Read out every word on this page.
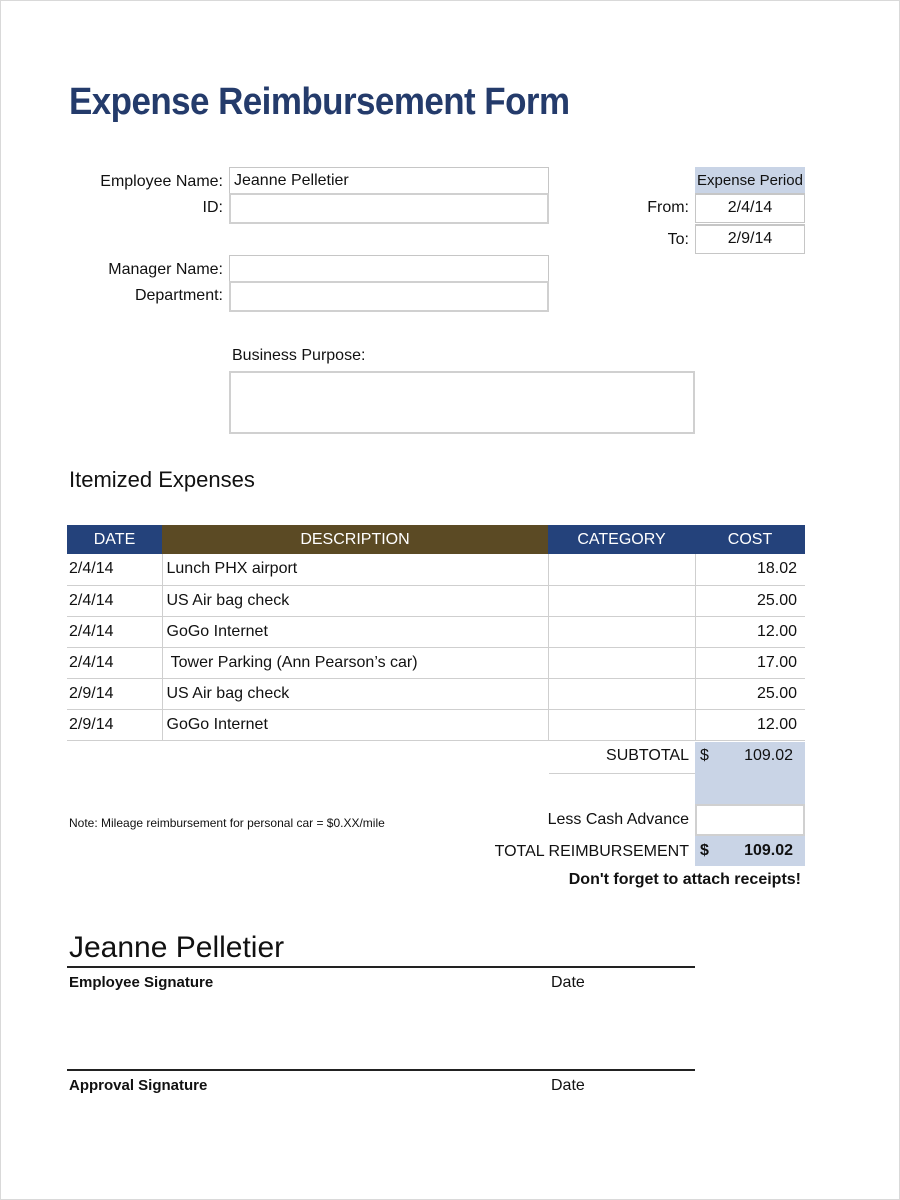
Expense Reimbursement Form
Employee Name: Jeanne Pelletier
ID:
Manager Name:
Department:
Business Purpose:
Expense Period
From:	2/4/14
To:	2/9/14
Itemized Expenses
DATE	DESCRIPTION	CATEGORY	COST
2/4/14	Lunch PHX airport		18.02
2/4/14	US Air bag check		25.00
2/4/14	GoGo Internet		12.00
2/4/14	Tower Parking (Ann Pearson’s car)		17.00
2/9/14	US Air bag check		25.00
2/9/14	GoGo Internet		12.00
SUBTOTAL $ 109.02
Note: Mileage reimbursement for personal car = $0.XX/mile	Less Cash Advance
TOTAL REIMBURSEMENT $ 109.02
Don't forget to attach receipts!
Jeanne Pelletier
Employee Signature	Date
Approval Signature	Date
